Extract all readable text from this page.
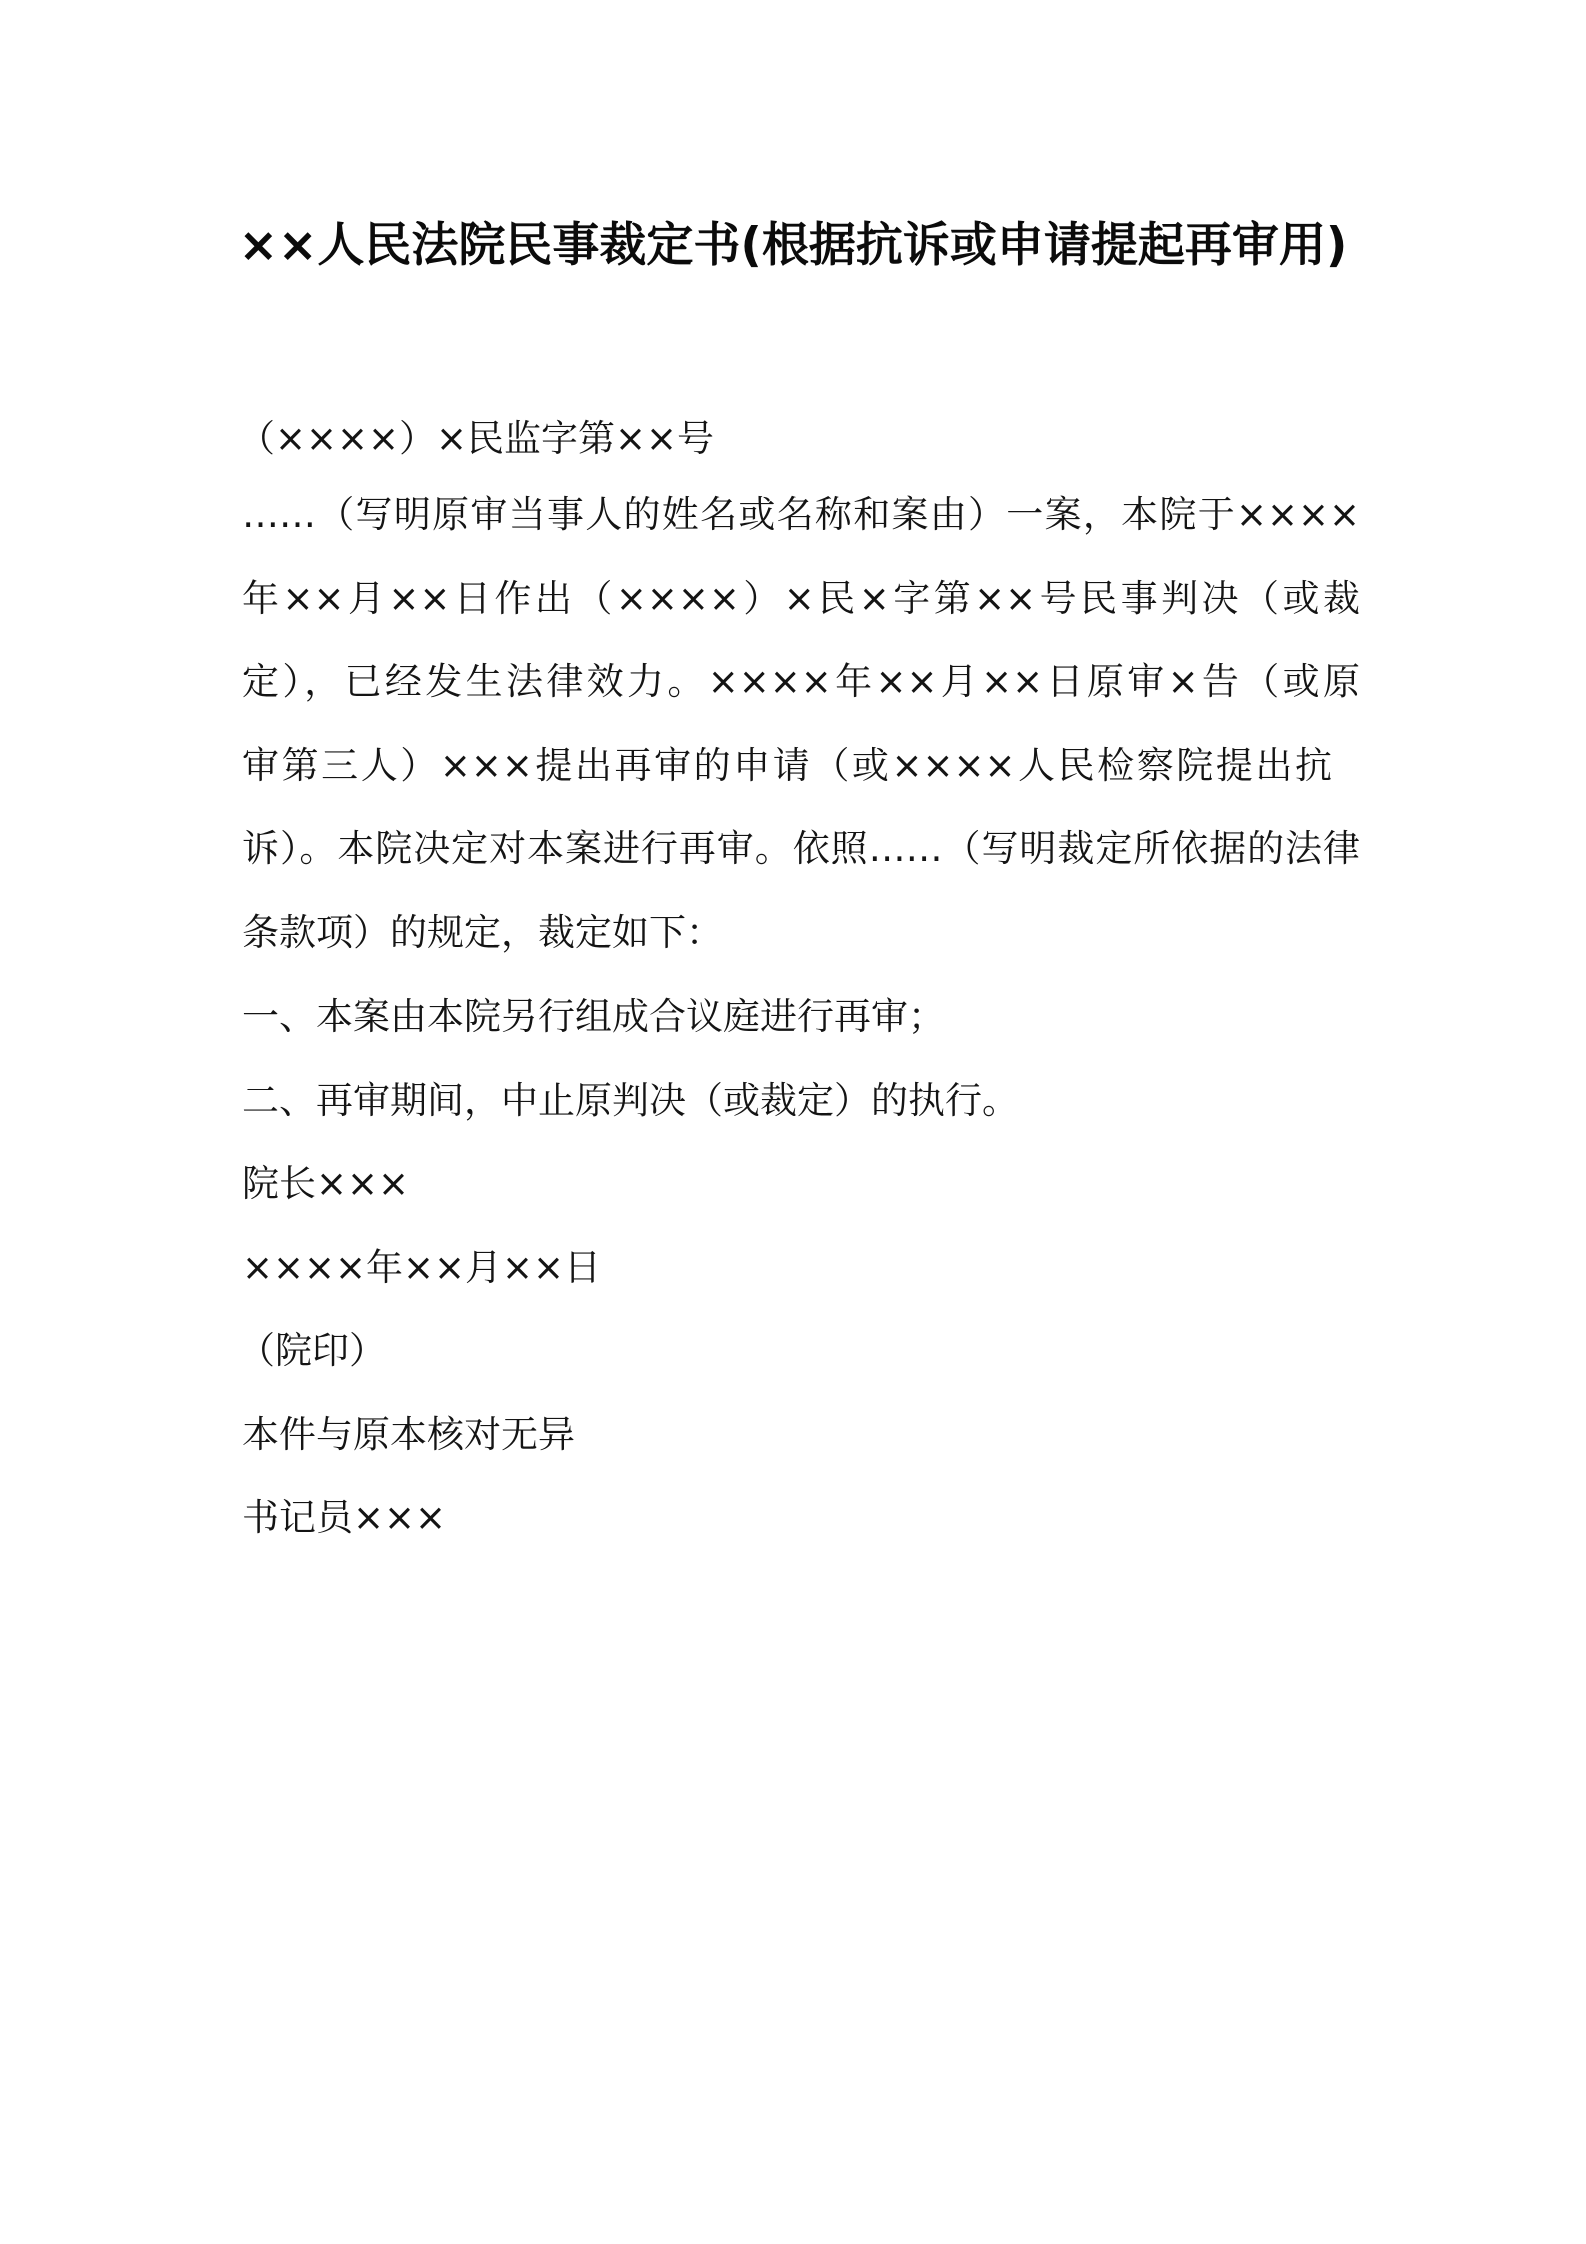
××人民法院民事裁定书(根据抗诉或申请提起再审用)
（××××）×民监字第××号
……（写明原审当事人的姓名或名称和案由）一案，本院于××××
年××月××日作出（××××）×民×字第××号民事判决（或裁
定），已经发生法律效力。××××年××月××日原审×告（或原
审第三人）×××提出再审的申请（或××××人民检察院提出抗
诉）。本院决定对本案进行再审。依照……（写明裁定所依据的法律
条款项）的规定，裁定如下：
一、本案由本院另行组成合议庭进行再审；
二、再审期间，中止原判决（或裁定）的执行。
院长×××
××××年××月××日
（院印）
本件与原本核对无异
书记员×××
